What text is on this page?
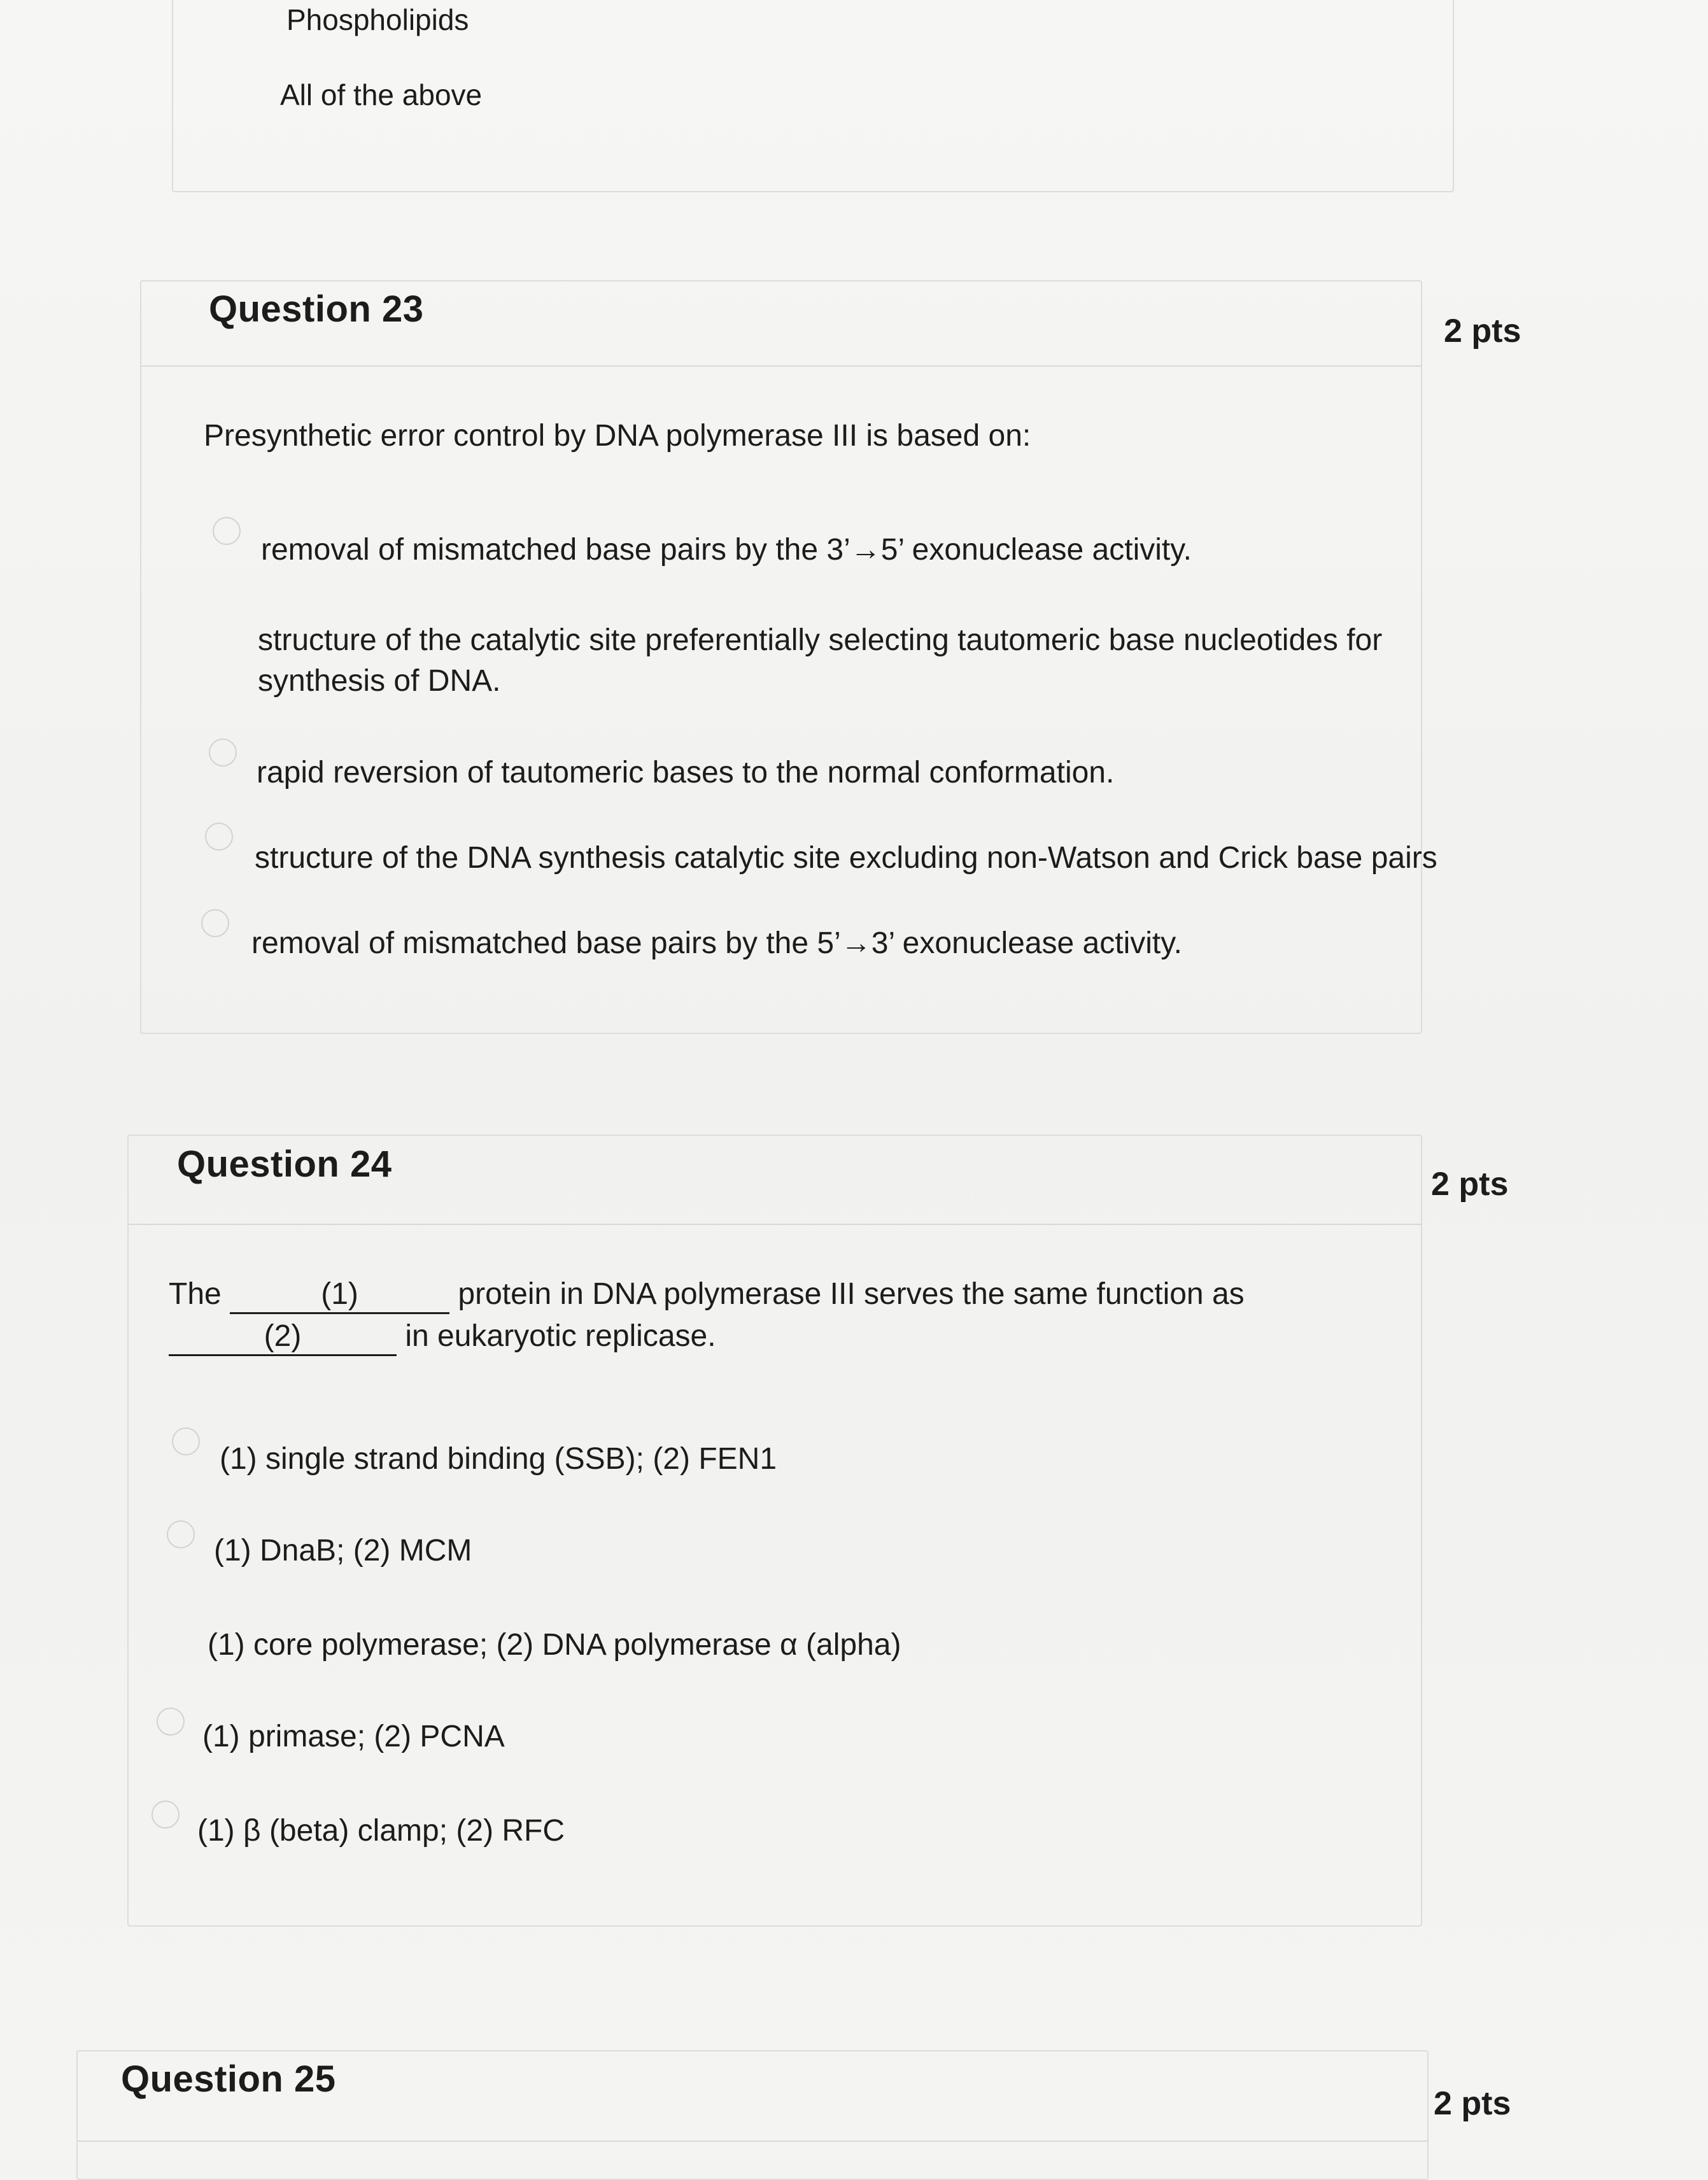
Phospholipids
All of the above
Question 23
2 pts
Presynthetic error control by DNA polymerase III is based on:
removal of mismatched base pairs by the 3’→5’ exonuclease activity.
structure of the catalytic site preferentially selecting tautomeric base nucleotides for synthesis of DNA.
rapid reversion of tautomeric bases to the normal conformation.
structure of the DNA synthesis catalytic site excluding non-Watson and Crick base pairs
removal of mismatched base pairs by the 5’→3’ exonuclease activity.
Question 24	2 pts
The	(1)	protein in DNA polymerase III serves the same function as
(2)	in eukaryotic replicase.
(1) single strand binding (SSB); (2) FEN1
(1) DnaB; (2) MCM
(1) core polymerase; (2) DNA polymerase α (alpha)
(1) primase; (2) PCNA
(1) β (beta) clamp; (2) RFC
Question 25
2 pts
